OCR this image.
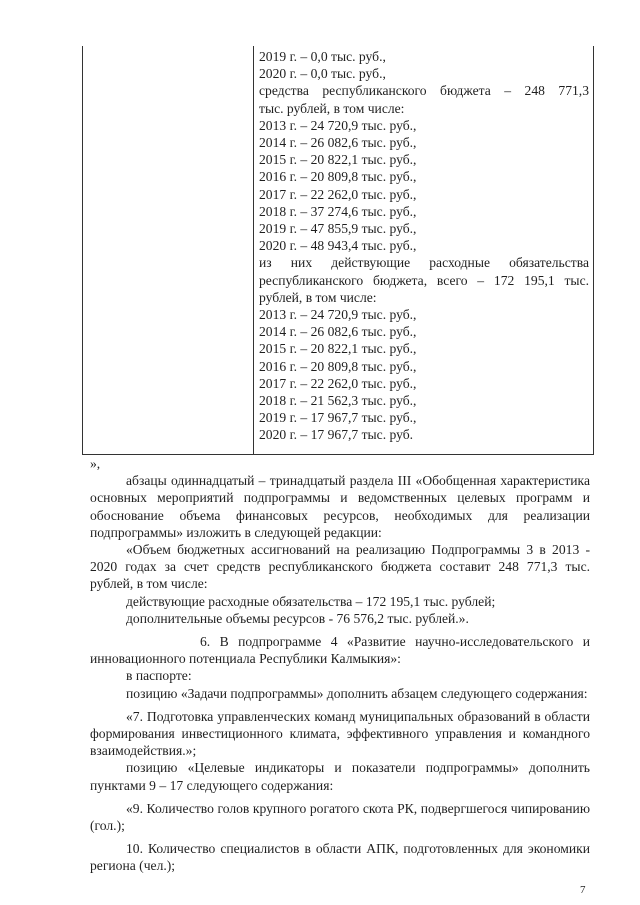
2019 г. – 0,0 тыс. руб.,
2020 г. – 0,0 тыс. руб.,
средства республиканского бюджета – 248 771,3
тыс. рублей, в том числе:
2013 г. – 24 720,9 тыс. руб.,
2014 г. – 26 082,6 тыс. руб.,
2015 г. – 20 822,1 тыс. руб.,
2016 г. – 20 809,8 тыс. руб.,
2017 г. – 22 262,0 тыс. руб.,
2018 г. – 37 274,6 тыс. руб.,
2019 г. – 47 855,9 тыс. руб.,
2020 г. – 48 943,4 тыс. руб.,
из них действующие расходные обязательства
республиканского бюджета, всего – 172 195,1 тыс.
рублей, в том числе:
2013 г. – 24 720,9 тыс. руб.,
2014 г. – 26 082,6 тыс. руб.,
2015 г. – 20 822,1 тыс. руб.,
2016 г. – 20 809,8 тыс. руб.,
2017 г. – 22 262,0 тыс. руб.,
2018 г. – 21 562,3 тыс. руб.,
2019 г. – 17 967,7 тыс. руб.,
2020 г. – 17 967,7 тыс. руб.

»,

абзацы одиннадцатый – тринадцатый раздела III «Обобщенная характеристика основных мероприятий подпрограммы и ведомственных целевых программ и обоснование объема финансовых ресурсов, необходимых для реализации подпрограммы» изложить в следующей редакции:

«Объем бюджетных ассигнований на реализацию Подпрограммы 3 в 2013 - 2020 годах за счет средств республиканского бюджета составит 248 771,3 тыс. рублей, в том числе:

действующие расходные обязательства – 172 195,1 тыс. рублей;

дополнительные объемы ресурсов - 76 576,2 тыс. рублей.».

6. В подпрограмме 4 «Развитие научно-исследовательского и инновационного потенциала Республики Калмыкия»:

в паспорте:

позицию «Задачи подпрограммы» дополнить абзацем следующего содержания:

«7. Подготовка управленческих команд муниципальных образований в области формирования инвестиционного климата, эффективного управления и командного взаимодействия.»;

позицию «Целевые индикаторы и показатели подпрограммы» дополнить пунктами 9 – 17 следующего содержания:

«9. Количество голов крупного рогатого скота РК, подвергшегося чипированию (гол.);

10. Количество специалистов в области АПК, подготовленных для экономики региона (чел.);

7
